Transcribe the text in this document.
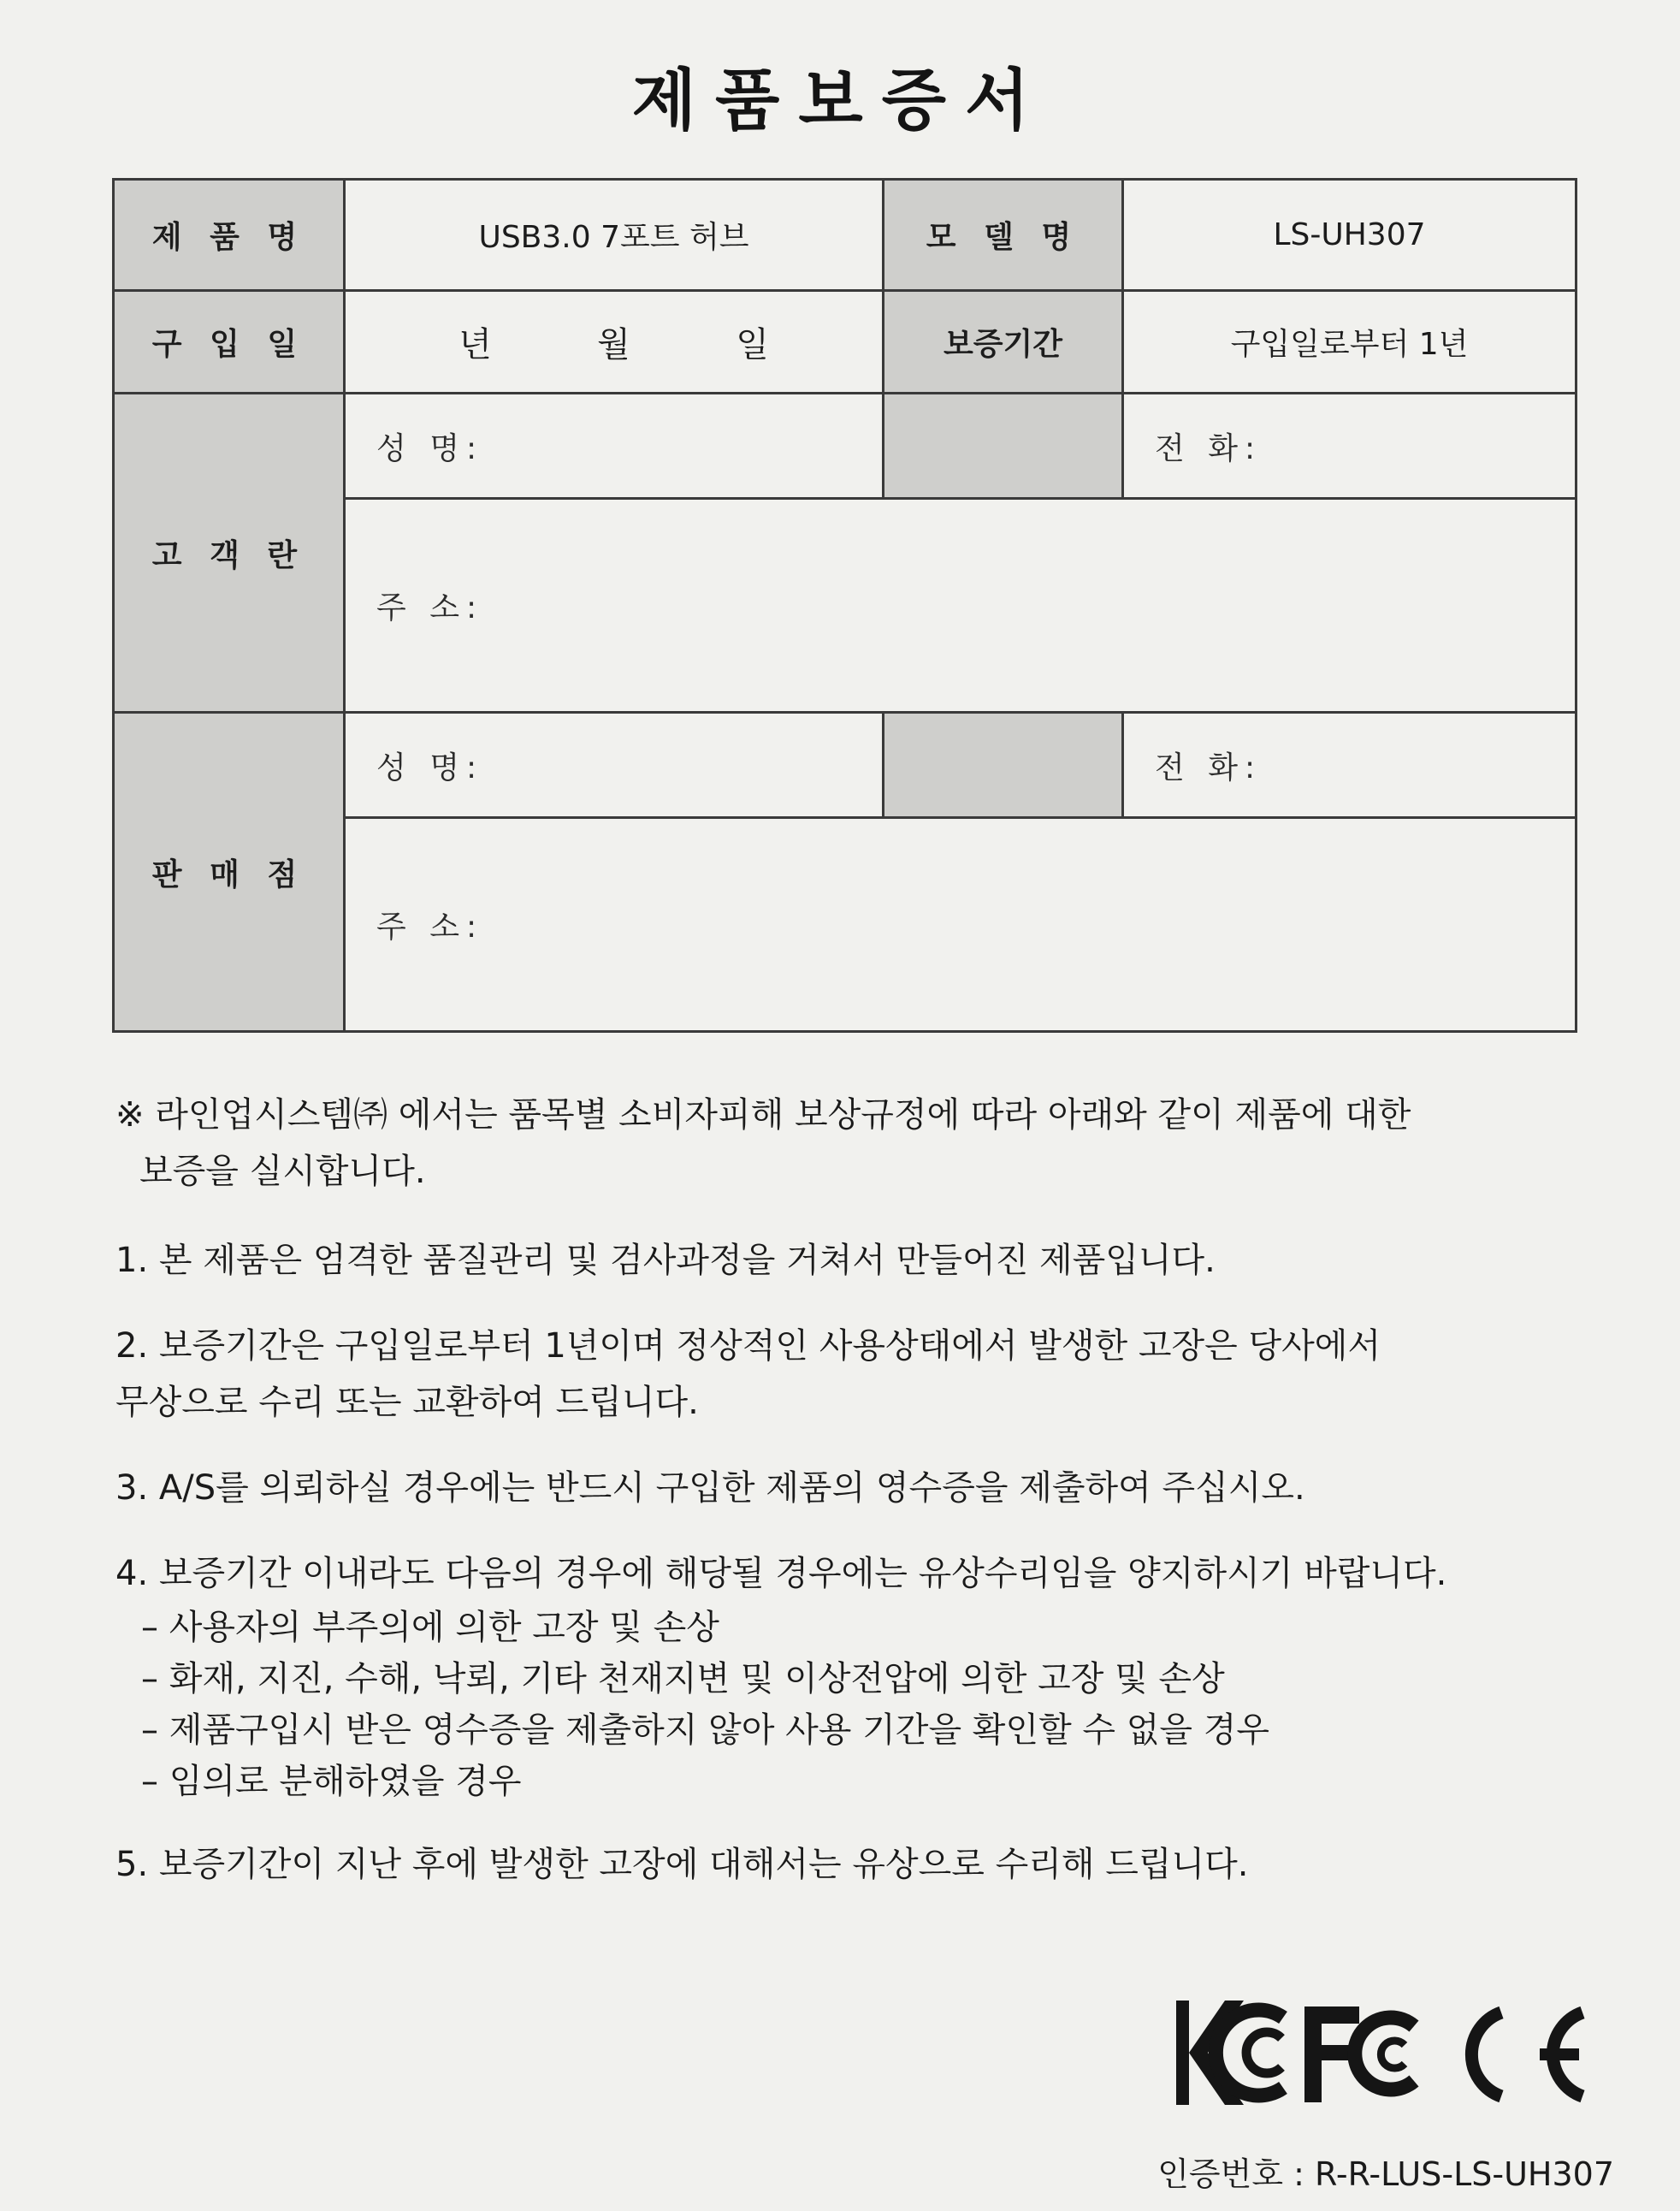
제품보증서
제 품 명	USB3.0 7포트 허브	모 델 명	LS-UH307
구 입 일	년 월 일	보증기간	구입일로부터 1년
고 객 란	성 명:		전 화:
	주 소:		
판 매 점	성 명:		전 화:
	주 소:		

※ 라인업시스템㈜ 에서는 품목별 소비자피해 보상규정에 따라 아래와 같이 제품에 대한
보증을 실시합니다.

1. 본 제품은 엄격한 품질관리 및 검사과정을 거쳐서 만들어진 제품입니다.

2. 보증기간은 구입일로부터 1년이며 정상적인 사용상태에서 발생한 고장은 당사에서
무상으로 수리 또는 교환하여 드립니다.

3. A/S를 의뢰하실 경우에는 반드시 구입한 제품의 영수증을 제출하여 주십시오.

4. 보증기간 이내라도 다음의 경우에 해당될 경우에는 유상수리임을 양지하시기 바랍니다.

– 사용자의 부주의에 의한 고장 및 손상
– 화재, 지진, 수해, 낙뢰, 기타 천재지변 및 이상전압에 의한 고장 및 손상
– 제품구입시 받은 영수증을 제출하지 않아 사용 기간을 확인할 수 없을 경우
– 임의로 분해하였을 경우

5. 보증기간이 지난 후에 발생한 고장에 대해서는 유상으로 수리해 드립니다.

인증번호 : R-R-LUS-LS-UH307
